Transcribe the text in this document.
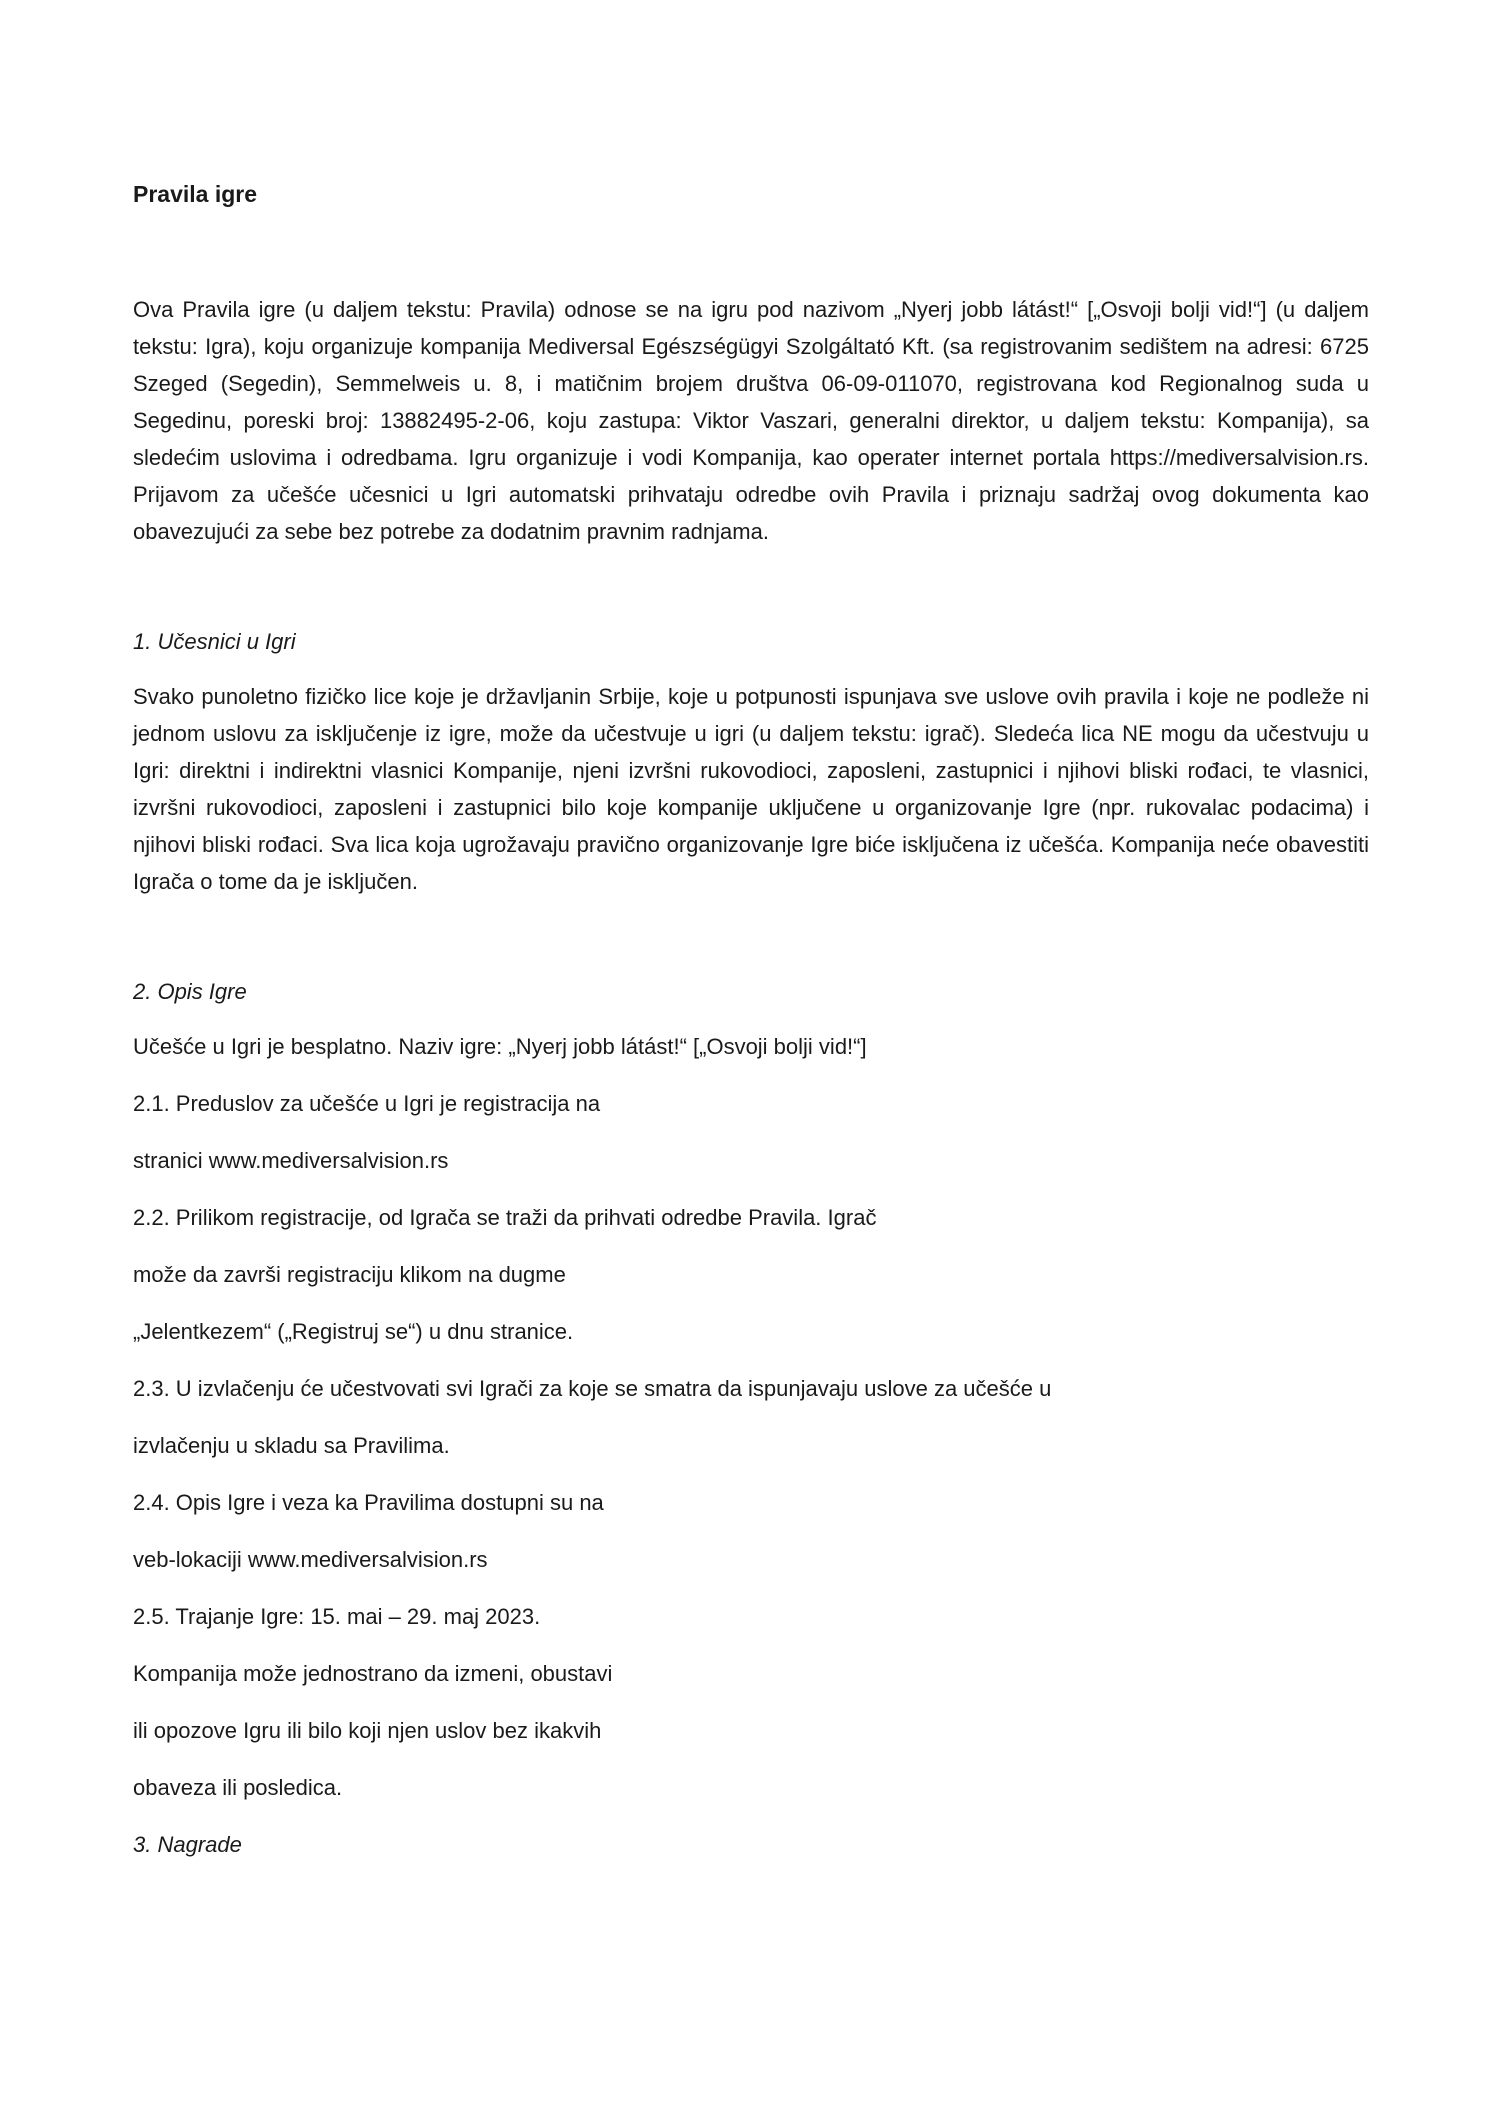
Pravila igre

Ova Pravila igre (u daljem tekstu: Pravila) odnose se na igru pod nazivom „Nyerj jobb látást!“ [„Osvoji bolji vid!“] (u daljem tekstu: Igra), koju organizuje kompanija Mediversal Egészségügyi Szolgáltató Kft. (sa registrovanim sedištem na adresi: 6725 Szeged (Segedin), Semmelweis u. 8, i matičnim brojem društva 06-09-011070, registrovana kod Regionalnog suda u Segedinu, poreski broj: 13882495-2-06, koju zastupa: Viktor Vaszari, generalni direktor, u daljem tekstu: Kompanija), sa sledećim uslovima i odredbama. Igru organizuje i vodi Kompanija, kao operater internet portala https://mediversalvision.rs. Prijavom za učešće učesnici u Igri automatski prihvataju odredbe ovih Pravila i priznaju sadržaj ovog dokumenta kao obavezujući za sebe bez potrebe za dodatnim pravnim radnjama.

1. Učesnici u Igri

Svako punoletno fizičko lice koje je državljanin Srbije, koje u potpunosti ispunjava sve uslove ovih pravila i koje ne podleže ni jednom uslovu za isključenje iz igre, može da učestvuje u igri (u daljem tekstu: igrač). Sledeća lica NE mogu da učestvuju u Igri: direktni i indirektni vlasnici Kompanije, njeni izvršni rukovodioci, zaposleni, zastupnici i njihovi bliski rođaci, te vlasnici, izvršni rukovodioci, zaposleni i zastupnici bilo koje kompanije uključene u organizovanje Igre (npr. rukovalac podacima) i njihovi bliski rođaci. Sva lica koja ugrožavaju pravično organizovanje Igre biće isključena iz učešća. Kompanija neće obavestiti Igrača o tome da je isključen.

2. Opis Igre

Učešće u Igri je besplatno. Naziv igre: „Nyerj jobb látást!“ [„Osvoji bolji vid!“]

2.1. Preduslov za učešće u Igri je registracija na

stranici www.mediversalvision.rs

2.2. Prilikom registracije, od Igrača se traži da prihvati odredbe Pravila. Igrač

može da završi registraciju klikom na dugme

„Jelentkezem“ („Registruj se“) u dnu stranice.

2.3. U izvlačenju će učestvovati svi Igrači za koje se smatra da ispunjavaju uslove za učešće u

izvlačenju u skladu sa Pravilima.

2.4. Opis Igre i veza ka Pravilima dostupni su na

veb-lokaciji www.mediversalvision.rs

2.5. Trajanje Igre: 15. mai – 29. maj 2023.

Kompanija može jednostrano da izmeni, obustavi

ili opozove Igru ili bilo koji njen uslov bez ikakvih

obaveza ili posledica.

3. Nagrade
